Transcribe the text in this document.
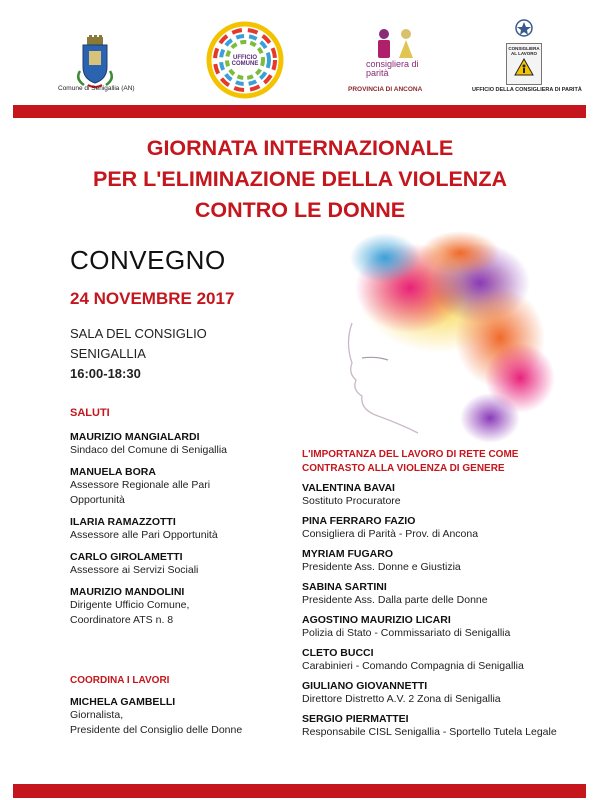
Comune di Senigallia (AN)
UFFICIO COMUNE	consigliera di parità
PROVINCIA DI ANCONA
CONSIGLIERA AL LAVORO
UFFICIO DELLA CONSIGLIERA DI PARITÀ
GIORNATA INTERNAZIONALE
PER L'ELIMINAZIONE DELLA VIOLENZA
CONTRO LE DONNE
CONVEGNO
24 NOVEMBRE 2017
SALA DEL CONSIGLIO
SENIGALLIA
16:00-18:30
SALUTI
MAURIZIO MANGIALARDI
Sindaco del Comune di Senigallia
MANUELA BORA
Assessore Regionale alle Pari
Opportunità
ILARIA RAMAZZOTTI
Assessore alle Pari Opportunità
CARLO GIROLAMETTI
Assessore ai Servizi Sociali
MAURIZIO MANDOLINI
Dirigente Ufficio Comune,
Coordinatore ATS n. 8
COORDINA I LAVORI
MICHELA GAMBELLI
Giornalista,
Presidente del Consiglio delle Donne
L'IMPORTANZA DEL LAVORO DI RETE COME
CONTRASTO ALLA VIOLENZA DI GENERE
VALENTINA BAVAI
Sostituto Procuratore
PINA FERRARO FAZIO
Consigliera di Parità - Prov. di Ancona
MYRIAM FUGARO
Presidente Ass. Donne e Giustizia
SABINA SARTINI
Presidente Ass. Dalla parte delle Donne
AGOSTINO MAURIZIO LICARI
Polizia di Stato - Commissariato di Senigallia
CLETO BUCCI
Carabinieri - Comando Compagnia di Senigallia
GIULIANO GIOVANNETTI
Direttore Distretto A.V. 2 Zona di Senigallia
SERGIO PIERMATTEI
Responsabile CISL Senigallia - Sportello Tutela Legale
